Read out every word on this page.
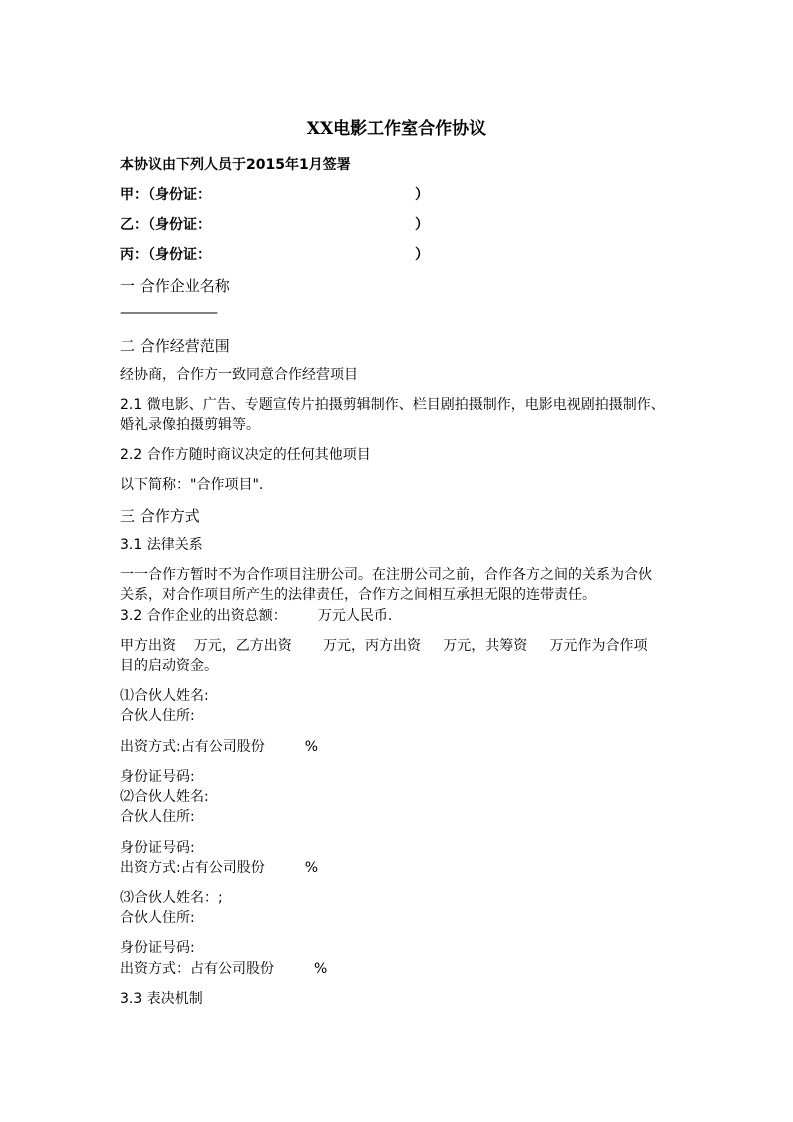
XX电影工作室合作协议
本协议由下列人员于2015年1月签署
甲：（身份证：	）
乙：（身份证：	）
丙：（身份证：	）
一 合作企业名称
————————
二 合作经营范围
经协商，合作方一致同意合作经营项目
2.1 微电影、广告、专题宣传片拍摄剪辑制作、栏目剧拍摄制作，电影电视剧拍摄制作、
婚礼录像拍摄剪辑等。
2.2 合作方随时商议决定的任何其他项目
以下简称："合作项目".
三 合作方式
3.1 法律关系
一一合作方暂时不为合作项目注册公司。在注册公司之前，合作各方之间的关系为合伙
关系，对合作项目所产生的法律责任，合作方之间相互承担无限的连带责任。
3.2 合作企业的出资总额：       万元人民币.
甲方出资    万元，乙方出资       万元，丙方出资     万元，共筹资     万元作为合作项
目的启动资金。
⑴合伙人姓名:
合伙人住所:
出资方式:占有公司股份         %
身份证号码:
⑵合伙人姓名:
合伙人住所:
身份证号码:
出资方式:占有公司股份         %
⑶合伙人姓名：;
合伙人住所:
身份证号码:
出资方式：占有公司股份         %
3.3 表决机制
